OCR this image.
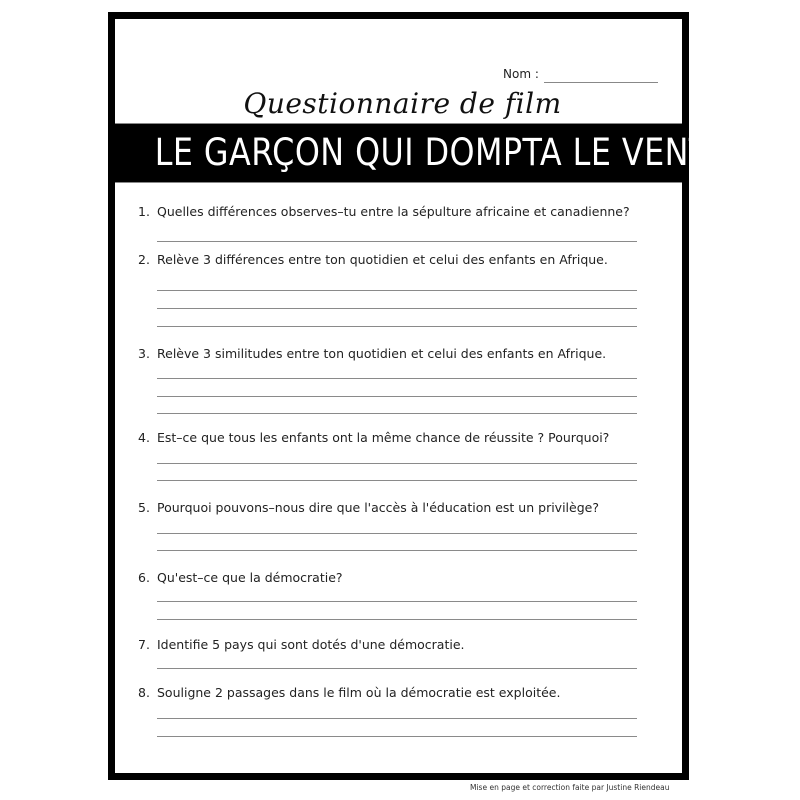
Nom :
Questionnaire de film
LE GARÇON QUI DOMPTA LE VENT
1. Quelles différences observes–tu entre la sépulture africaine et canadienne?
2. Relève 3 différences entre ton quotidien et celui des enfants en Afrique.
3. Relève 3 similitudes entre ton quotidien et celui des enfants en Afrique.
4. Est–ce que tous les enfants ont la même chance de réussite ? Pourquoi?
5. Pourquoi pouvons–nous dire que l'accès à l'éducation est un privilège?
6. Qu'est–ce que la démocratie?
7. Identifie 5 pays qui sont dotés d'une démocratie.
8. Souligne 2 passages dans le film où la démocratie est exploitée.
Mise en page et correction faite par Justine Riendeau
